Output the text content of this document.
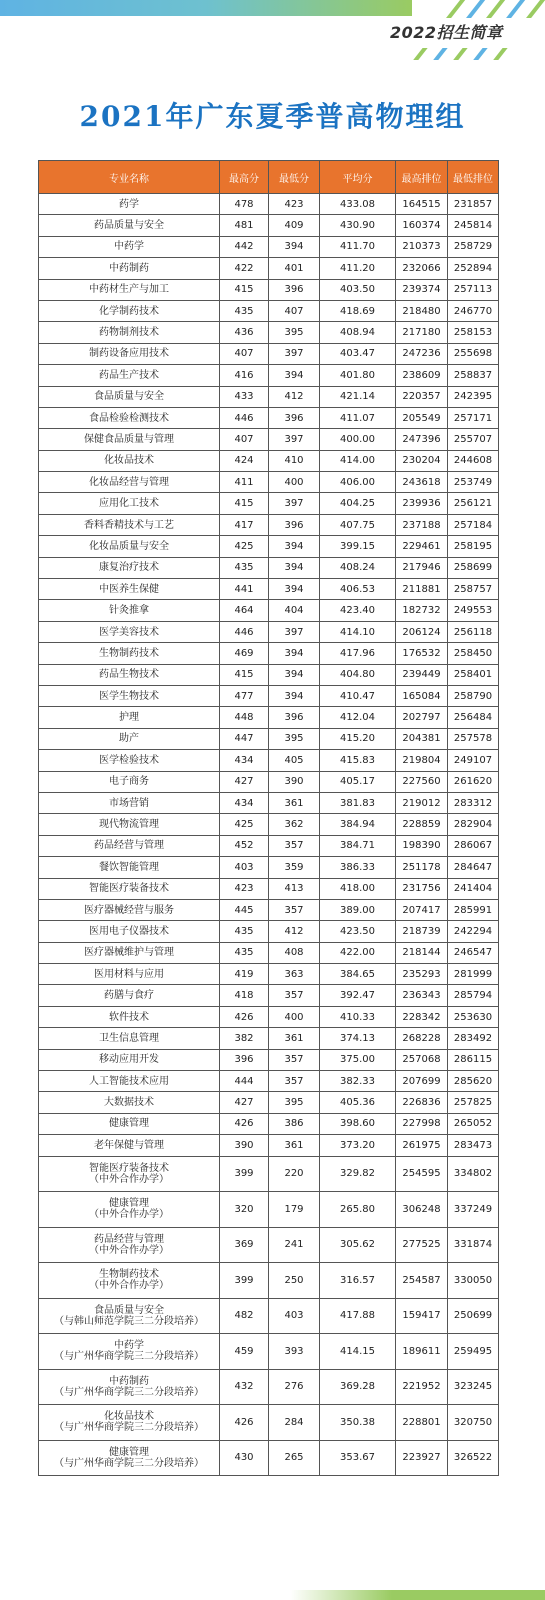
2022招生简章
2021年广东夏季普高物理组
专业名称	最高分	最低分	平均分	最高排位	最低排位
药学	478	423	433.08	164515	231857
药品质量与安全	481	409	430.90	160374	245814
中药学	442	394	411.70	210373	258729
中药制药	422	401	411.20	232066	252894
中药材生产与加工	415	396	403.50	239374	257113
化学制药技术	435	407	418.69	218480	246770
药物制剂技术	436	395	408.94	217180	258153
制药设备应用技术	407	397	403.47	247236	255698
药品生产技术	416	394	401.80	238609	258837
食品质量与安全	433	412	421.14	220357	242395
食品检验检测技术	446	396	411.07	205549	257171
保健食品质量与管理	407	397	400.00	247396	255707
化妆品技术	424	410	414.00	230204	244608
化妆品经营与管理	411	400	406.00	243618	253749
应用化工技术	415	397	404.25	239936	256121
香料香精技术与工艺	417	396	407.75	237188	257184
化妆品质量与安全	425	394	399.15	229461	258195
康复治疗技术	435	394	408.24	217946	258699
中医养生保健	441	394	406.53	211881	258757
针灸推拿	464	404	423.40	182732	249553
医学美容技术	446	397	414.10	206124	256118
生物制药技术	469	394	417.96	176532	258450
药品生物技术	415	394	404.80	239449	258401
医学生物技术	477	394	410.47	165084	258790
护理	448	396	412.04	202797	256484
助产	447	395	415.20	204381	257578
医学检验技术	434	405	415.83	219804	249107
电子商务	427	390	405.17	227560	261620
市场营销	434	361	381.83	219012	283312
现代物流管理	425	362	384.94	228859	282904
药品经营与管理	452	357	384.71	198390	286067
餐饮智能管理	403	359	386.33	251178	284647
智能医疗装备技术	423	413	418.00	231756	241404
医疗器械经营与服务	445	357	389.00	207417	285991
医用电子仪器技术	435	412	423.50	218739	242294
医疗器械维护与管理	435	408	422.00	218144	246547
医用材料与应用	419	363	384.65	235293	281999
药膳与食疗	418	357	392.47	236343	285794
软件技术	426	400	410.33	228342	253630
卫生信息管理	382	361	374.13	268228	283492
移动应用开发	396	357	375.00	257068	286115
人工智能技术应用	444	357	382.33	207699	285620
大数据技术	427	395	405.36	226836	257825
健康管理	426	386	398.60	227998	265052
老年保健与管理	390	361	373.20	261975	283473

智能医疗装备技术
（中外合作办学）	399	220	329.82	254595	334802

健康管理
（中外合作办学）	320	179	265.80	306248	337249

药品经营与管理
（中外合作办学）	369	241	305.62	277525	331874

生物制药技术
（中外合作办学）	399	250	316.57	254587	330050

食品质量与安全
（与韩山师范学院三二分段培养）	482	403	417.88	159417	250699

中药学
（与广州华商学院三二分段培养）	459	393	414.15	189611	259495

中药制药
（与广州华商学院三二分段培养）	432	276	369.28	221952	323245

化妆品技术
（与广州华商学院三二分段培养）	426	284	350.38	228801	320750

健康管理
（与广州华商学院三二分段培养）	430	265	353.67	223927	326522
